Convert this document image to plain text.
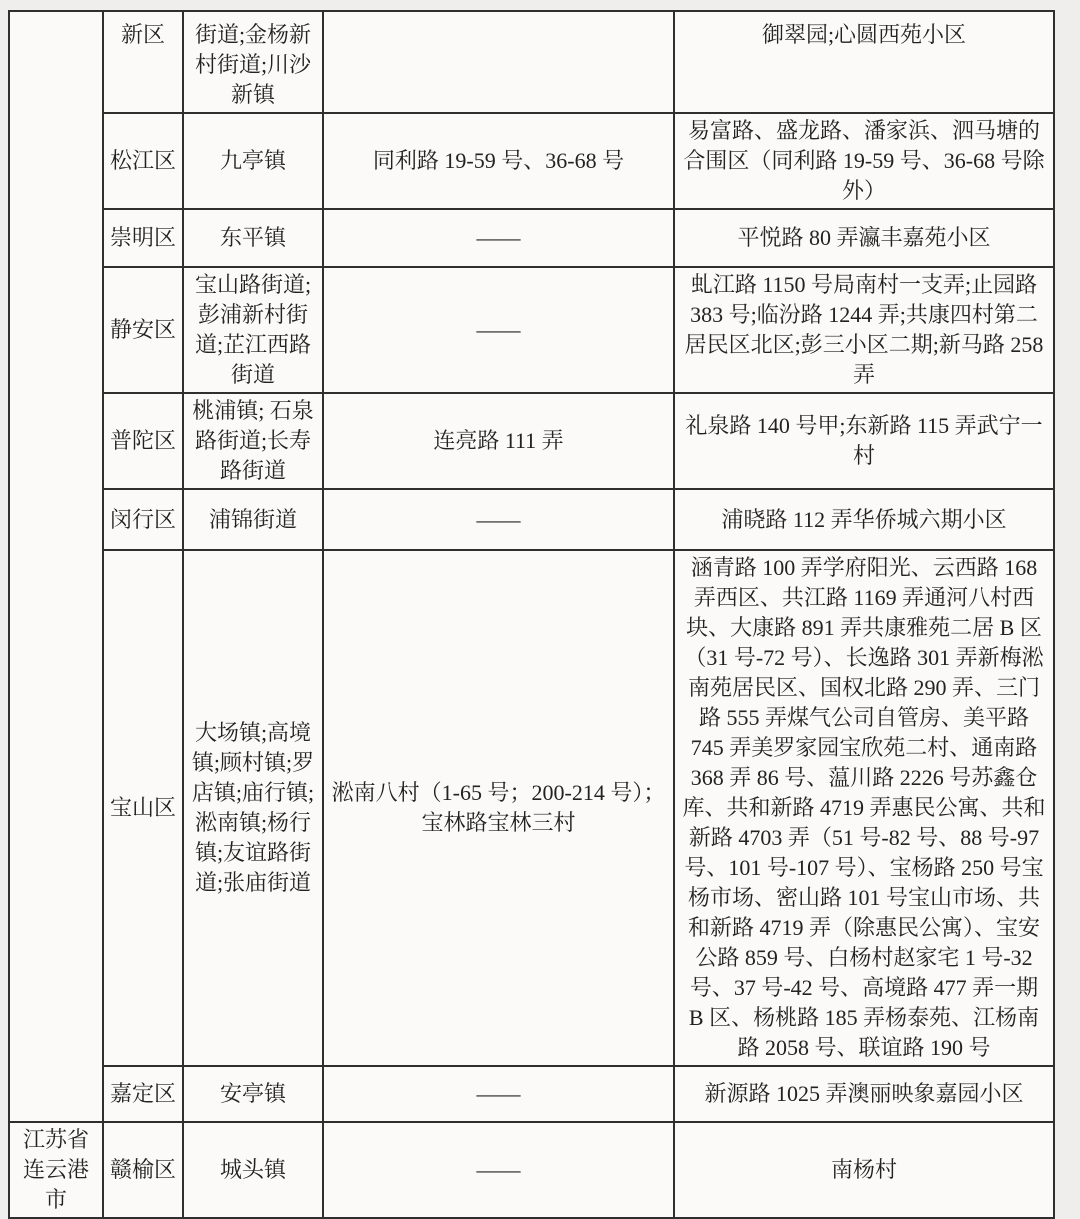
	新区	街道;金杨新村街道;川沙新镇		御翠园;心圆西苑小区
	松江区	九亭镇	同利路 19-59 号、36-68 号	易富路、盛龙路、潘家浜、泗马塘的合围区（同利路 19-59 号、36-68 号除外）
	崇明区	东平镇	——	平悦路 80 弄瀛丰嘉苑小区
	静安区	宝山路街道;彭浦新村街道;芷江西路街道	——	虬江路 1150 号局南村一支弄;止园路 383 号;临汾路 1244 弄;共康四村第二居民区北区;彭三小区二期;新马路 258 弄
	普陀区	桃浦镇; 石泉路街道;长寿路街道	连亮路 111 弄	礼泉路 140 号甲;东新路 115 弄武宁一村
	闵行区	浦锦街道	——	浦晓路 112 弄华侨城六期小区
	宝山区	大场镇;高境镇;顾村镇;罗店镇;庙行镇;淞南镇;杨行镇;友谊路街道;张庙街道	淞南八村（1-65 号；200-214 号）；宝林路宝林三村	涵青路 100 弄学府阳光、云西路 168 弄西区、共江路 1169 弄通河八村西块、大康路 891 弄共康雅苑二居 B 区（31 号-72 号）、长逸路 301 弄新梅淞南苑居民区、国权北路 290 弄、三门路 555 弄煤气公司自管房、美平路 745 弄美罗家园宝欣苑二村、通南路 368 弄 86 号、蕰川路 2226 号苏鑫仓库、共和新路 4719 弄惠民公寓、共和新路 4703 弄（51 号-82 号、88 号-97 号、101 号-107 号）、宝杨路 250 号宝杨市场、密山路 101 号宝山市场、共和新路 4719 弄（除惠民公寓）、宝安公路 859 号、白杨村赵家宅 1 号-32 号、37 号-42 号、高境路 477 弄一期 B 区、杨桃路 185 弄杨泰苑、江杨南路 2058 号、联谊路 190 号
	嘉定区	安亭镇	——	新源路 1025 弄澳丽映象嘉园小区
江苏省连云港市	赣榆区	城头镇	——	南杨村
